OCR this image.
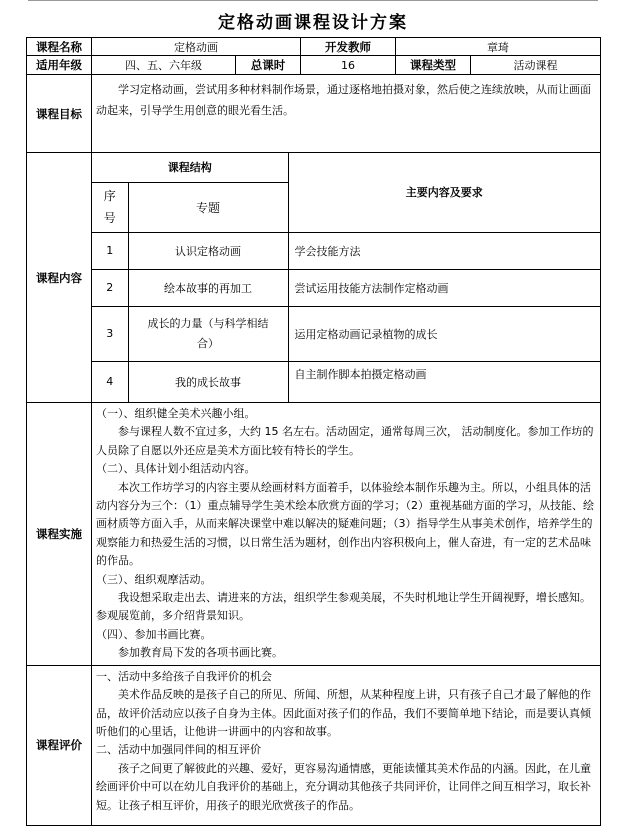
定格动画课程设计方案
课程名称	定格动画	开发教师	章琦
适用年级	四、五、六年级	总课时	16	课程类型	活动课程
课程目标	

学习定格动画，尝试用多种材料制作场景，通过逐格地拍摄对象，然后使之连续放映，从而让画面动起来，引导学生用创意的眼光看生活。

课程内容	
课程结构	主要内容及要求
序号	专题
1	认识定格动画	学会技能方法
2	绘本故事的再加工	尝试运用技能方法制作定格动画
3	成长的力量（与科学相结合）	运用定格动画记录植物的成长
4	我的成长故事	自主制作脚本拍摄定格动画

课程实施	

（一）、组织健全美术兴趣小组。

参与课程人数不宜过多，大约 15 名左右。活动固定，通常每周三次， 活动制度化。参加工作坊的人员除了自愿以外还应是美术方面比较有特长的学生。

（二）、具体计划小组活动内容。

本次工作坊学习的内容主要从绘画材料方面着手，以体验绘本制作乐趣为主。所以，小组具体的活动内容分为三个：（1）重点辅导学生美术绘本欣赏方面的学习；（2）重视基础方面的学习，从技能、绘画材质等方面入手，从而来解决课堂中难以解决的疑难问题；（3）指导学生从事美术创作，培养学生的观察能力和热爱生活的习惯，以日常生活为题材，创作出内容积极向上，催人奋进，有一定的艺术品味的作品。

（三）、组织观摩活动。

我设想采取走出去、请进来的方法，组织学生参观美展，不失时机地让学生开阔视野，增长感知。参观展览前，多介绍背景知识。

（四）、参加书画比赛。

参加教育局下发的各项书画比赛。

课程评价	

一、活动中多给孩子自我评价的机会

美术作品反映的是孩子自己的所见、所闻、所想，从某种程度上讲，只有孩子自己才最了解他的作品，故评价活动应以孩子自身为主体。因此面对孩子们的作品，我们不要简单地下结论，而是要认真倾听他们的心里话，让他讲一讲画中的内容和故事。

二、活动中加强同伴间的相互评价

孩子之间更了解彼此的兴趣、爱好，更容易沟通情感，更能读懂其美术作品的内涵。因此，在儿童绘画评价中可以在幼儿自我评价的基础上，充分调动其他孩子共同评价，让同伴之间互相学习，取长补短。让孩子相互评价，用孩子的眼光欣赏孩子的作品。
